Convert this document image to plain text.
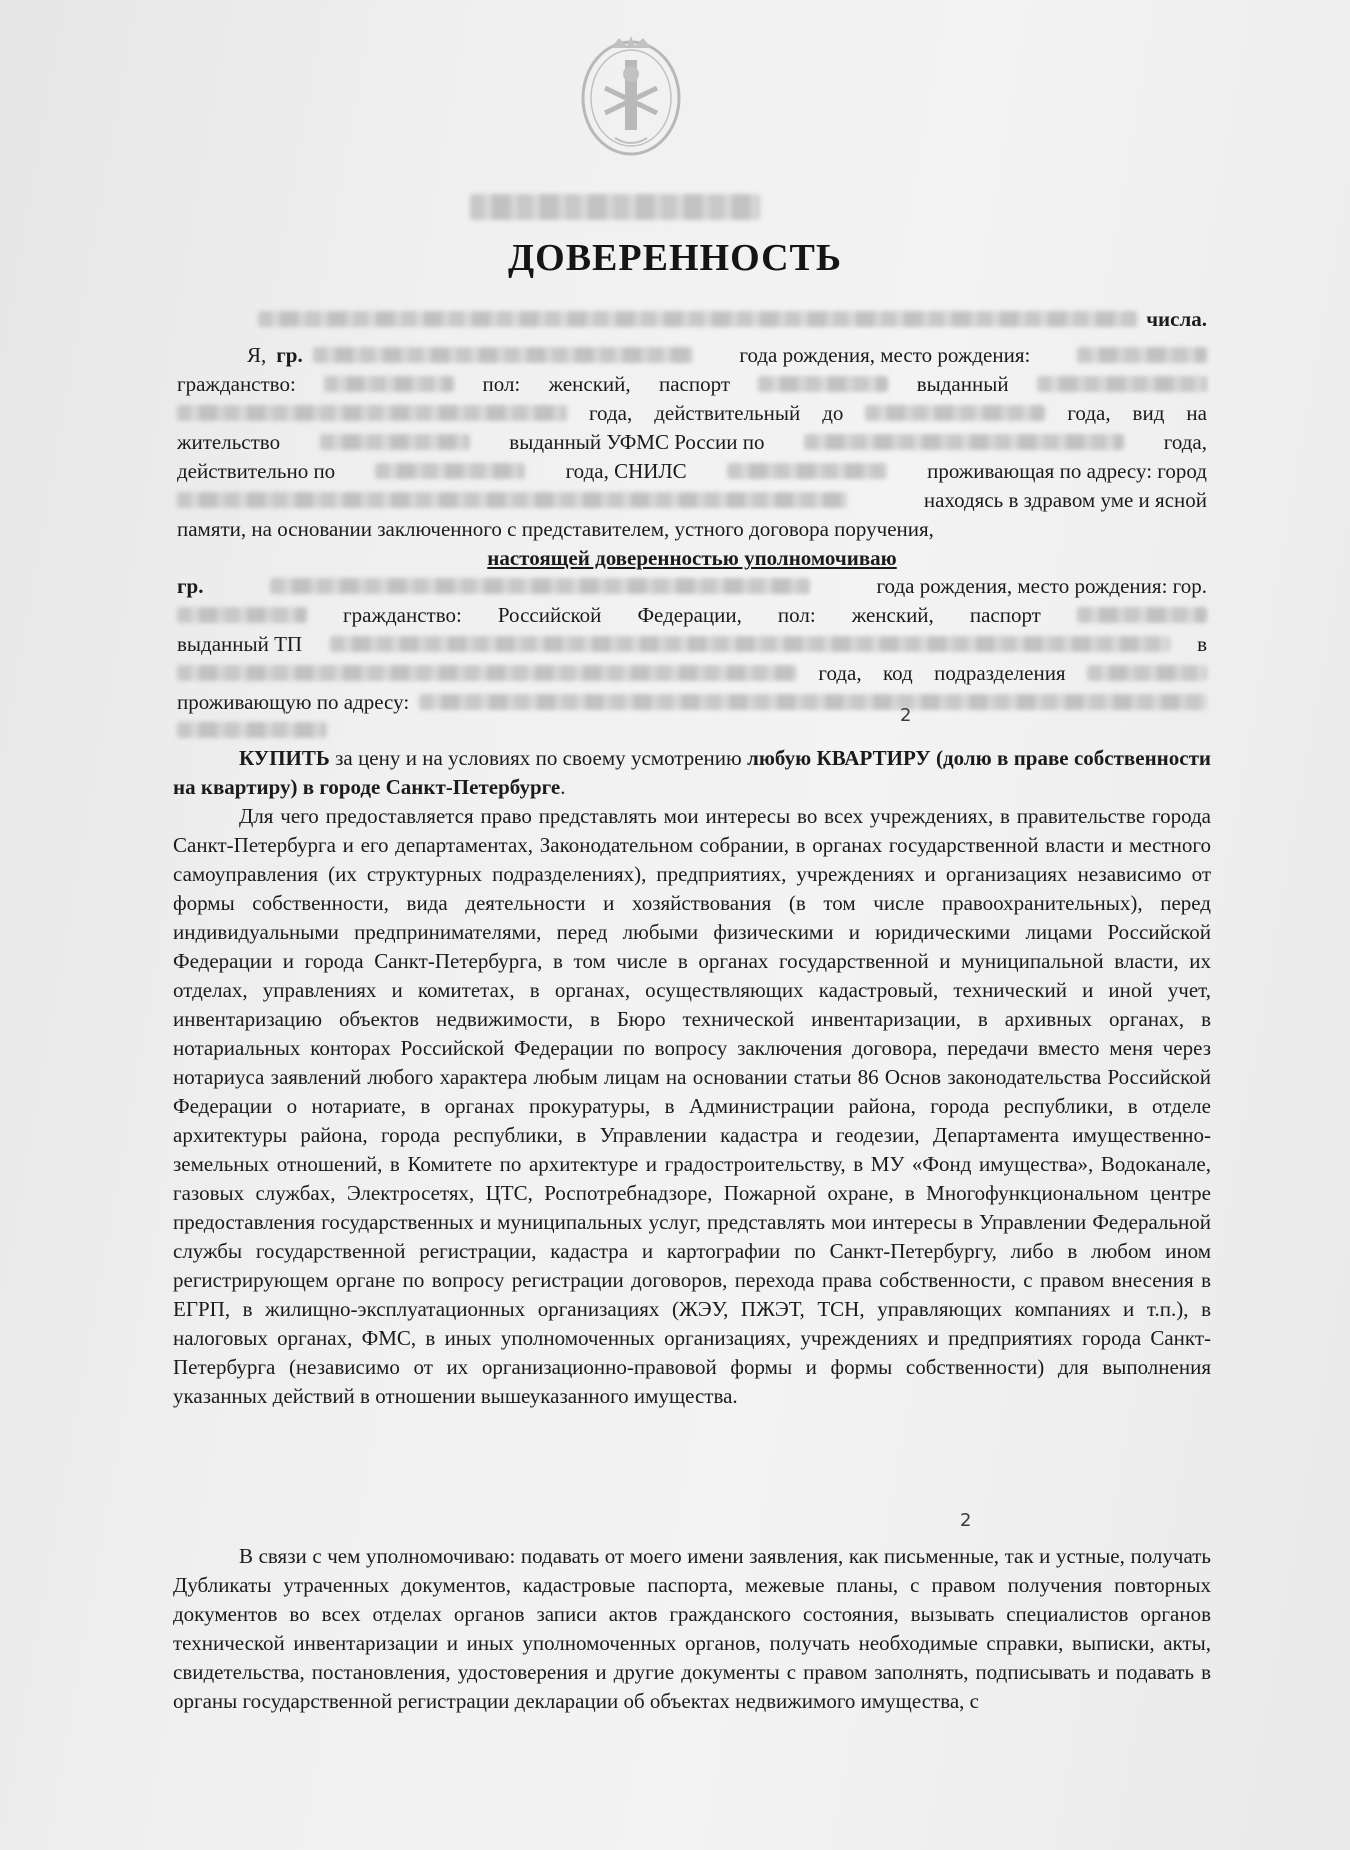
ДОВЕРЕННОСТЬ
числа.
Я, гр.	года рождения, место рождения:
гражданство:	пол: женский, паспорт	выданный
года, действительный до	года, вид на
жительство	выданный УФМС России по	года,
действительно по	года, СНИЛС	проживающая по адресу: город
находясь в здравом уме и ясной
памяти, на основании заключенного с представителем, устного договора поручения,
настоящей доверенностью уполномочиваю
гр.	года рождения, место рождения: гор.
гражданство: Российской Федерации, пол: женский, паспорт
выданный ТП	в
года, код подразделения
проживающую по адресу:
2

КУПИТЬ за цену и на условиях по своему усмотрению любую КВАРТИРУ (долю в праве собственности на квартиру) в городе Санкт-Петербурге.

Для чего предоставляется право представлять мои интересы во всех учреждениях, в правительстве города Санкт-Петербурга и его департаментах, Законодательном собрании, в органах государственной власти и местного самоуправления (их структурных подразделениях), предприятиях, учреждениях и организациях независимо от формы собственности, вида деятельности и хозяйствования (в том числе правоохранительных), перед индивидуальными предпринимателями, перед любыми физическими и юридическими лицами Российской Федерации и города Санкт-Петербурга, в том числе в органах государственной и муниципальной власти, их отделах, управлениях и комитетах, в органах, осуществляющих кадастровый, технический и иной учет, инвентаризацию объектов недвижимости, в Бюро технической инвентаризации, в архивных органах, в нотариальных конторах Российской Федерации по вопросу заключения договора, передачи вместо меня через нотариуса заявлений любого характера любым лицам на основании статьи 86 Основ законодательства Российской Федерации о нотариате, в органах прокуратуры, в Администрации района, города республики, в отделе архитектуры района, города республики, в Управлении кадастра и геодезии, Департамента имущественно-земельных отношений, в Комитете по архитектуре и градостроительству, в МУ «Фонд имущества», Водоканале, газовых службах, Электросетях, ЦТС, Роспотребнадзоре, Пожарной охране, в Многофункциональном центре предоставления государственных и муниципальных услуг, представлять мои интересы в Управлении Федеральной службы государственной регистрации, кадастра и картографии по Санкт-Петербургу, либо в любом ином регистрирующем органе по вопросу регистрации договоров, перехода права собственности, с правом внесения в ЕГРП, в жилищно-эксплуатационных организациях (ЖЭУ, ПЖЭТ, ТСН, управляющих компаниях и т.п.), в налоговых органах, ФМС, в иных уполномоченных организациях, учреждениях и предприятиях города Санкт-Петербурга (независимо от их организационно-правовой формы и формы собственности) для выполнения указанных действий в отношении вышеуказанного имущества.

2

В связи с чем уполномочиваю: подавать от моего имени заявления, как письменные, так и устные, получать Дубликаты утраченных документов, кадастровые паспорта, межевые планы, с правом получения повторных документов во всех отделах органов записи актов гражданского состояния, вызывать специалистов органов технической инвентаризации и иных уполномоченных органов, получать необходимые справки, выписки, акты, свидетельства, постановления, удостоверения и другие документы с правом заполнять, подписывать и подавать в органы государственной регистрации декларации об объектах недвижимого имущества, с
